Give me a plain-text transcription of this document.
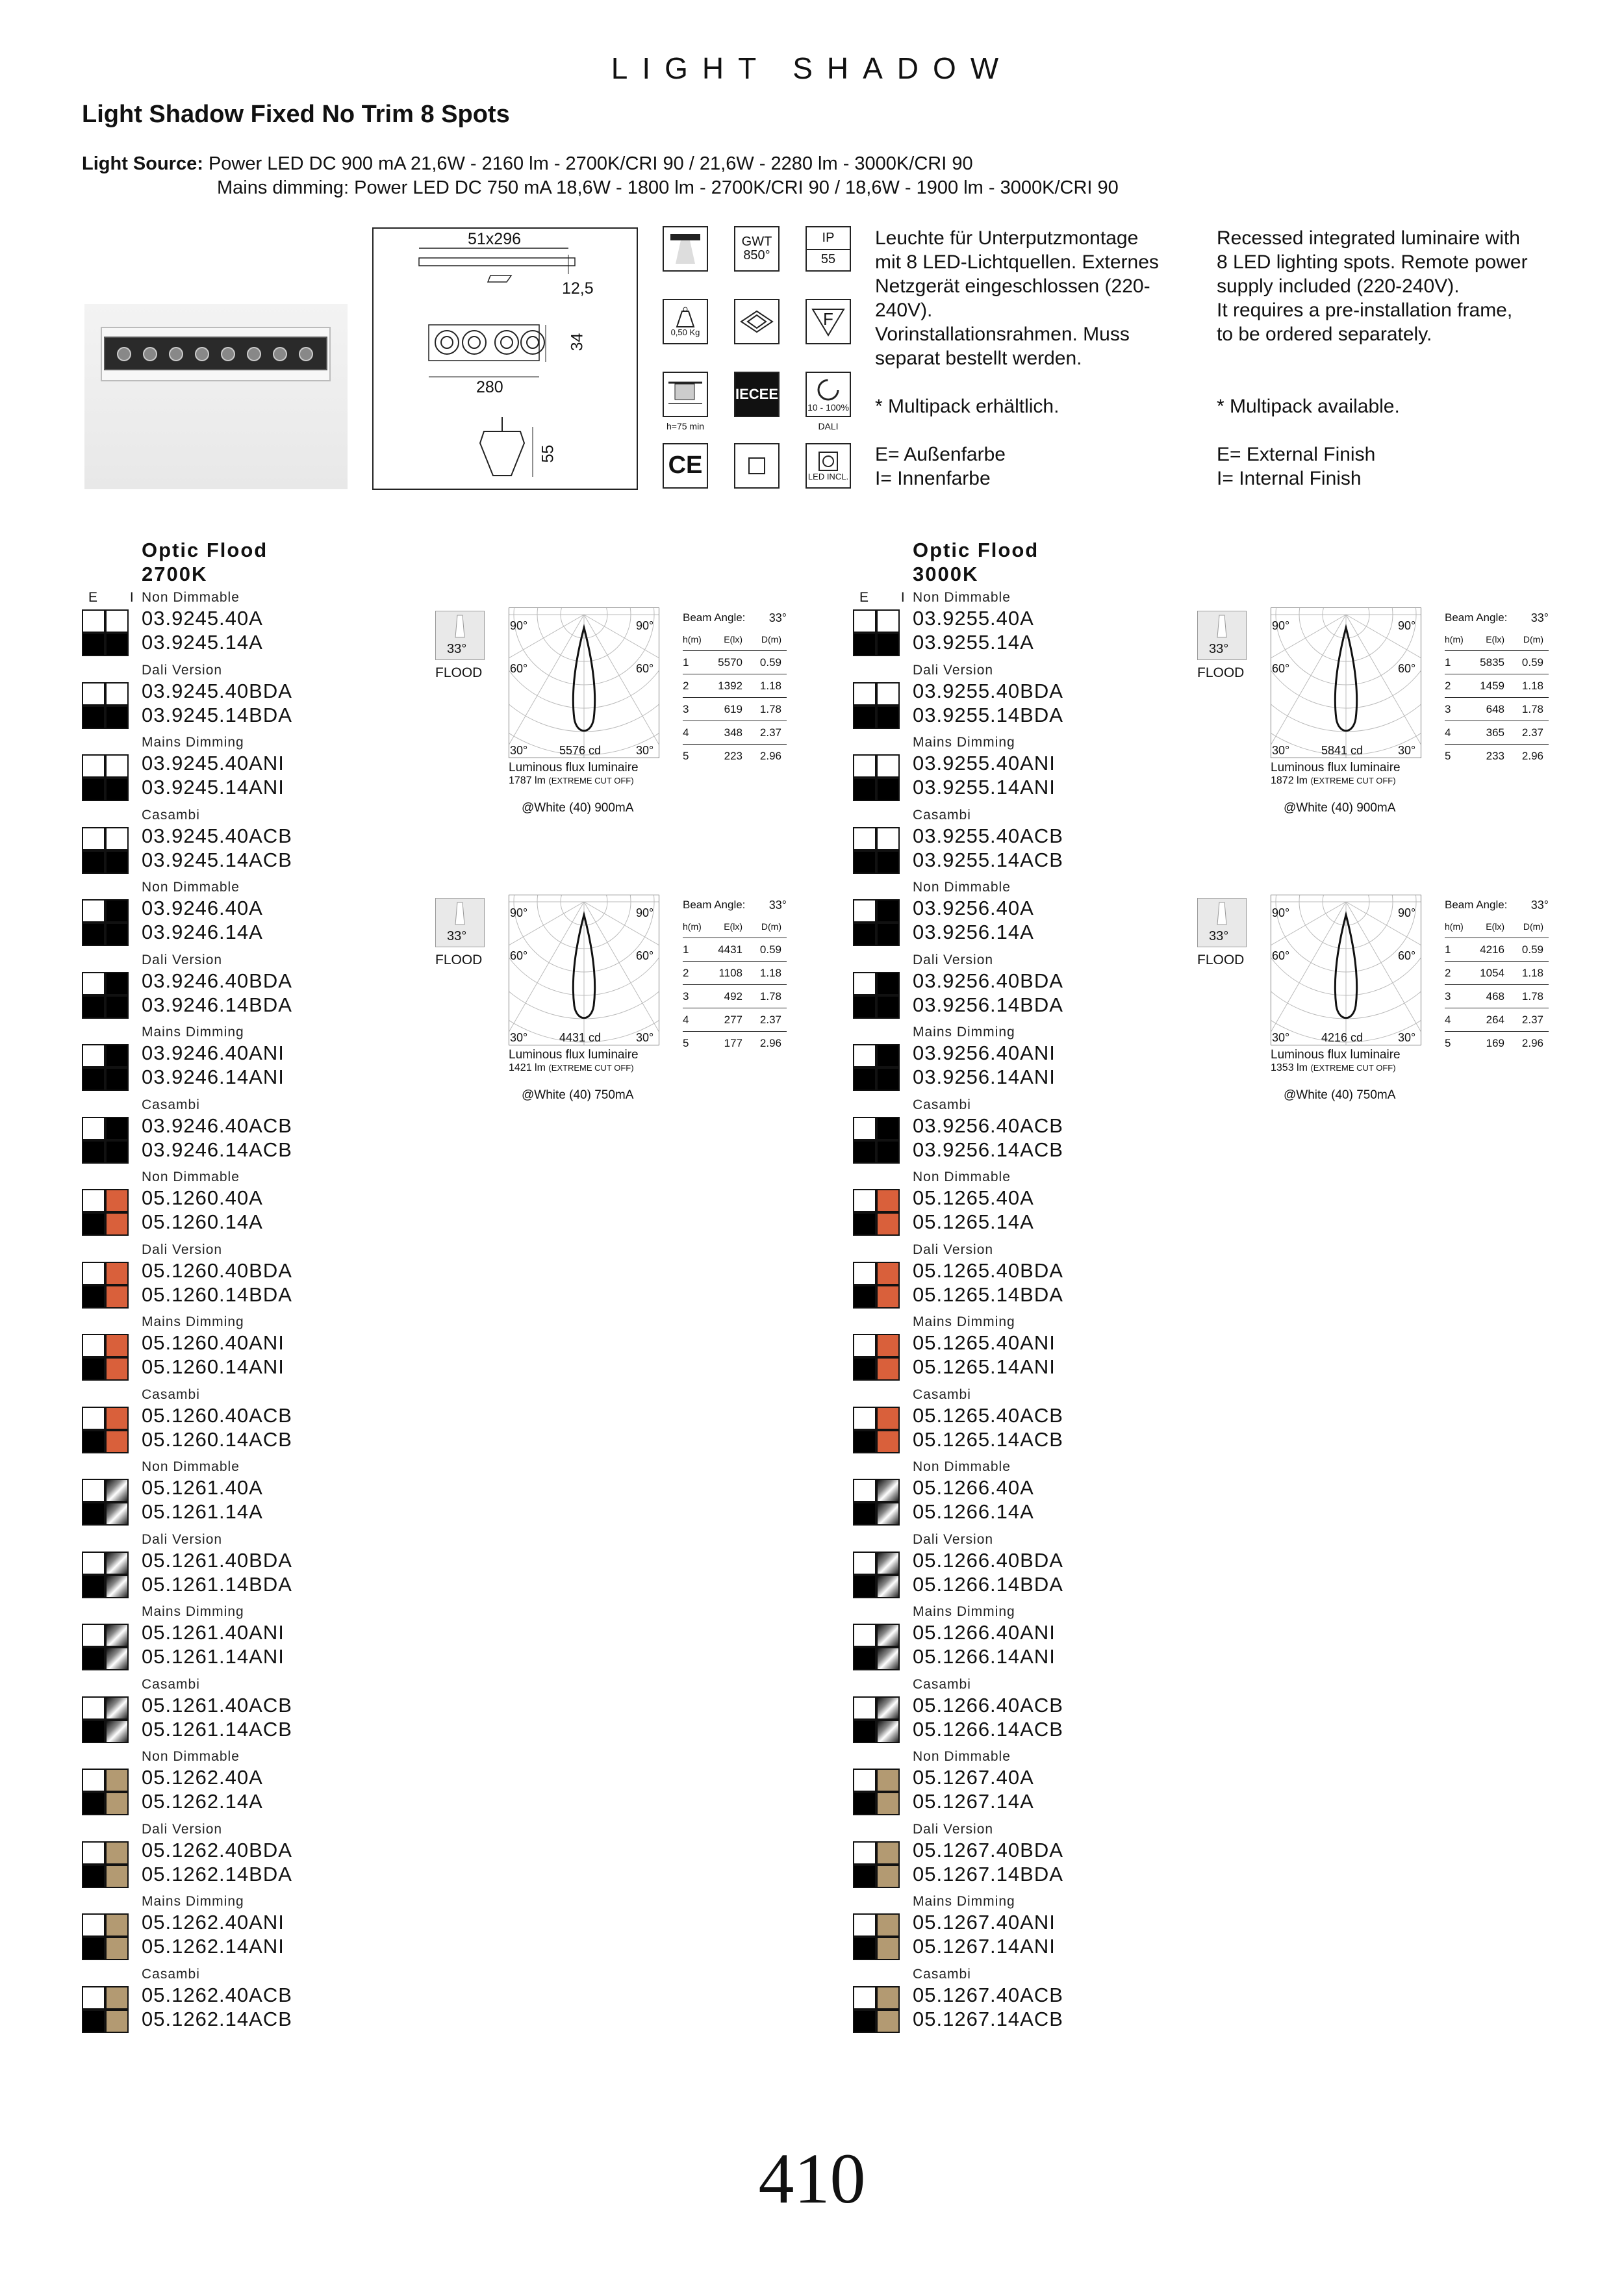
LIGHT SHADOW
Light Shadow Fixed No Trim 8 Spots
Light Source: Power LED DC 900 mA 21,6W - 2160 lm - 2700K/CRI 90 / 21,6W - 2280 lm - 3000K/CRI 90
Mains dimming: Power LED DC 750 mA 18,6W - 1800 lm - 2700K/CRI 90 / 18,6W - 1900 lm - 3000K/CRI 90
51x296
12,5
34
280
55
GWT 850°
IP
55
0,50 Kg
F
h=75 min
IECEE
10 - 100%
DALI
CE	LED INCL.
Leuchte für Unterputzmontage
mit 8 LED-Lichtquellen. Externes
Netzgerät eingeschlossen (220-
240V).
Vorinstallationsrahmen. Muss
separat bestellt werden.
* Multipack erhältlich.
E= Außenfarbe
I= Innenfarbe
Recessed integrated luminaire with
8 LED lighting spots. Remote power
supply included (220-240V).
It requires a pre-installation frame,
to be ordered separately.
* Multipack available.
E= External Finish
I= Internal Finish
Optic Flood
2700K
E I
Non Dimmable
03.9245.40A
03.9245.14A
Dali Version
03.9245.40BDA
03.9245.14BDA
Mains Dimming
03.9245.40ANI
03.9245.14ANI
Casambi
03.9245.40ACB
03.9245.14ACB
Non Dimmable
03.9246.40A
03.9246.14A
Dali Version
03.9246.40BDA
03.9246.14BDA
Mains Dimming
03.9246.40ANI
03.9246.14ANI
Casambi
03.9246.40ACB
03.9246.14ACB
Non Dimmable
05.1260.40A
05.1260.14A
Dali Version
05.1260.40BDA
05.1260.14BDA
Mains Dimming
05.1260.40ANI
05.1260.14ANI
Casambi
05.1260.40ACB
05.1260.14ACB
Non Dimmable
05.1261.40A
05.1261.14A
Dali Version
05.1261.40BDA
05.1261.14BDA
Mains Dimming
05.1261.40ANI
05.1261.14ANI
Casambi
05.1261.40ACB
05.1261.14ACB
Non Dimmable
05.1262.40A
05.1262.14A
Dali Version
05.1262.40BDA
05.1262.14BDA
Mains Dimming
05.1262.40ANI
05.1262.14ANI
Casambi
05.1262.40ACB
05.1262.14ACB
33°
FLOOD
90°	90°
60°	60°
30°	30°
5576 cd
Luminous flux luminaire
1787 lm (EXTREME CUT OFF)
@White (40) 900mA
Beam Angle: 33°
h(m)	E(lx)	D(m)
1	5570	0.59
2	1392	1.18
3	619	1.78
4	348	2.37
5	223	2.96
33°
FLOOD
90°	90°
60°	60°
30°	30°
4431 cd
Luminous flux luminaire
1421 lm (EXTREME CUT OFF)
@White (40) 750mA
Beam Angle: 33°
h(m)	E(lx)	D(m)
1	4431	0.59
2	1108	1.18
3	492	1.78
4	277	2.37
5	177	2.96
Optic Flood
3000K
E I
Non Dimmable
03.9255.40A
03.9255.14A
Dali Version
03.9255.40BDA
03.9255.14BDA
Mains Dimming
03.9255.40ANI
03.9255.14ANI
Casambi
03.9255.40ACB
03.9255.14ACB
Non Dimmable
03.9256.40A
03.9256.14A
Dali Version
03.9256.40BDA
03.9256.14BDA
Mains Dimming
03.9256.40ANI
03.9256.14ANI
Casambi
03.9256.40ACB
03.9256.14ACB
Non Dimmable
05.1265.40A
05.1265.14A
Dali Version
05.1265.40BDA
05.1265.14BDA
Mains Dimming
05.1265.40ANI
05.1265.14ANI
Casambi
05.1265.40ACB
05.1265.14ACB
Non Dimmable
05.1266.40A
05.1266.14A
Dali Version
05.1266.40BDA
05.1266.14BDA
Mains Dimming
05.1266.40ANI
05.1266.14ANI
Casambi
05.1266.40ACB
05.1266.14ACB
Non Dimmable
05.1267.40A
05.1267.14A
Dali Version
05.1267.40BDA
05.1267.14BDA
Mains Dimming
05.1267.40ANI
05.1267.14ANI
Casambi
05.1267.40ACB
05.1267.14ACB
33°
FLOOD
90°	90°
60°	60°
30°	30°
5841 cd
Luminous flux luminaire
1872 lm (EXTREME CUT OFF)
@White (40) 900mA
Beam Angle: 33°
h(m)	E(lx)	D(m)
1	5835	0.59
2	1459	1.18
3	648	1.78
4	365	2.37
5	233	2.96
33°
FLOOD
90°	90°
60°	60°
30°	30°
4216 cd
Luminous flux luminaire
1353 lm (EXTREME CUT OFF)
@White (40) 750mA
Beam Angle: 33°
h(m)	E(lx)	D(m)
1	4216	0.59
2	1054	1.18
3	468	1.78
4	264	2.37
5	169	2.96
410
